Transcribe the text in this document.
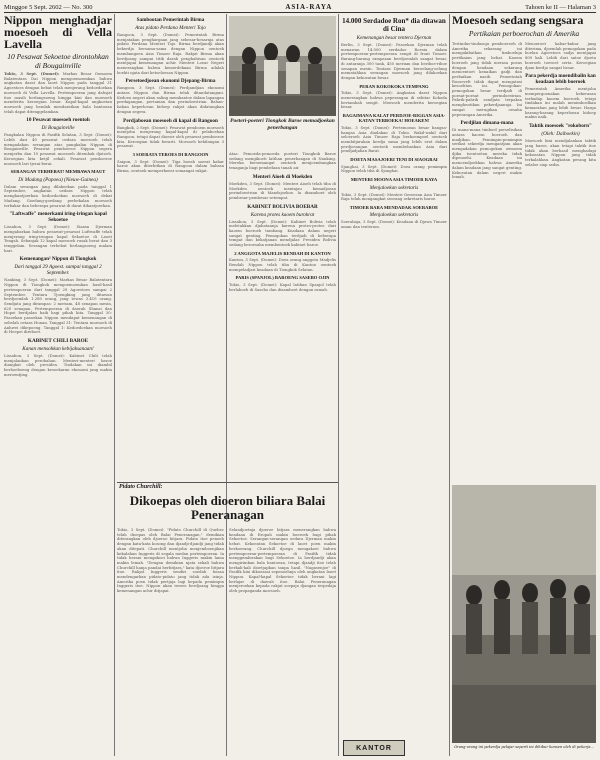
Minggoe 5 Sept. 2602 — No. 300	ASIA-RAYA	Tahoen ke II — Halaman 3

Nippon menghadjar moesoeh di Vella Lavella

10 Pesawat Sekoetoe dirontohkan di Bougainville

Tokio, 3 Sept. (Domei): Markas Besar Oemoem Balatentara Dai Nippon mengoemoemkan bahwa angkatan darat dan laoet Nippon pada tanggal 31 Agoestoes dengan hebat telah menjerang kedoedoekan moesoeh di Vella Lavella. Pertempoeran jang dahsjat itoe masih berlangsoeng hingga kini dan moesoeh menderita keroegian besar. Kapal-kapal angkoetan moesoeh jang hendak mendaratkan bala bantoean telah dapat ditenggelamkan.
10 Pesawat moesoeh roentoh
Di Bougainville
Pangkalan Nippon di Pasifik Selatan, 3 Sept. (Domei): Lebih dari 40 pesawat oedara moesoeh telah mengadakan serangan atas pangkalan Nippon di Bougainville. Pesawat pemboeroe Nippon segera menjerbu dan 10 pesawat moesoeh ditembak djatoeh. Keroegian kita ketjil sekali. Pesawat pemboeroe moesoeh lari tjerai-berai.
SERANGAN TERHEBAT! MEMBAWA MAUT
Di Madang (Papoea) (Nieuw-Guinea)
Dalam serangan jang dilakoekan pada tanggal 1 September, angkatan oedara Nippon telah menghantjoerkan kedoedoekan moesoeh di dekat Madang. Goedang-goedang perbekalan moesoeh terbakar dan beberapa pesawat di darat dihantjoerkan.
"Laftwaffe" menerkami iring-iringan kapal Sekoetoe
Lissabon, 3 Sept. (Domei): Siaran Djerman mengabarkan bahwa pesawat-pesawat Luftwaffe telah menjerang iring-iringan kapal Sekoetoe di Laoet Tengah. Sebanjak 12 kapal moesoeh rusak berat dan 3 tenggelam. Serangan terhebat berlangsoeng malam hari.
Kemenangan² Nippon di Tiongkok
Dari tanggal 29 Agoest. sampai tanggal 2 September.
Nanking, 3 Sept. (Domei): Markas Besar Balatentara Nippon di Tiongkok mengoemoemkan hasil-hasil pertempoeran dari tanggal 29 Agoestoes sampai 2 September. Tentara Tjoengking jang ditawan berdjoemlah 1.280 orang, jang tewas 3.410 orang. Sendjata jang dirampas: 2 meriam, 48 senapan mesin, 620 senapan. Pertempoeran di daerah Shansi dan Hopei berdjalan baik bagi pihak kita. Tanggal 30: Pasoekan pasoekan Nippon mendapat kemenangan di sebelah oetara Honan. Tanggal 31: Tentara moesoeh di Anhwei dikepoeng. Tanggal 1: Kedoedoekan moesoeh di Hoepei direboet.
KABINET CHILI BAROE
Kanan mensohkan kebijaksanaan!
Lissabon, 3 Sept. (Domei): Kabinet Chili telah menjalankan perobahan. Menteri-menteri baroe diangkat oleh presiden. Tindakan ini diambil berhoeboeng dengan kesoekaran ekonomi jang makin meroentjing.
Sambootan Pemerintah Birma
Atas pidato Perdana Menteri Tojo
Rangoon, 3 Sept. (Domei): Pemerintah Birma menjatakan penghargaan jang sebesar-besarnja atas pidato Perdana Menteri Tojo. Birma berdjandji akan bekerdja bersama-sama dengan Nippon oentoek membangoen Asia Timoer Raja. Rakjat Birma akan berdjoang sampai titik darah penghabisan oentoek mentjapai kemenangan achir. Menteri Loear Negeri menerangkan bahwa kemerdekaan Birma adalah boekti njata dari ketoeloesan Nippon.
Persetoedjoean ekonomi Djepang-Birma
Rangoon, 3 Sept. (Domei): Perdjandjian ekonomi antara Nippon dan Birma telah ditandatangani. Kedoea negeri akan saling membantoe dalam lapangan perdagangan, pertanian dan perindoestrian. Bahan-bahan keperloean hidoep rakjat akan didatangkan dengan segera.
Perdjaboean moesoeh di kapal di Rangoon
Bangkok, 2 Sept. (Domei): Pesawat pemboem moesoeh mentjoba menjerang kapal-kapal di pelaboehan Rangoon, tetapi dapat dioesir oleh pesawat pemboeroe kita. Keroegian tidak berarti. Moesoeh kehilangan 3 pesawat.
3 SOERATA TEROES DI RANGOON
Saigon, 3 Sept. (Domei): Tiga boeah soerat kabar baroe akan diterbitkan di Rangoon dalam bahasa Birma, oentoek memperkoeat semangat rakjat.
Poeteri-poeteri Tiongkok Baroe memadjoekan penerbangan
Atas: Pemoeda-pemoeda poeteri Tiongkok Baroe sedang mengikoeti latihan penerbangan di Nanking. Mereka bersemangat oentoek menjoembangkan tenaganja bagi pembelaan tanah air.
Menteri Aioeh di Moekden
Moekden, 3 Sept. (Domei): Menteri Aioeh telah tiba di Moekden oentoek meninjau kemadjoean perindoestrian di Mandsjoekoe. Ia disamboet oleh pembesar-pembesar setempat.
KABINET BOLIVIA BOEBAR
Karena protes kaoem burokrat
Lissabon, 3 Sept. (Domei): Kabinet Bolivia telah meletakkan djabatannja karena protes-protes dari kaoem boeroeh tambang. Keadaan dalam negeri sangat genting. Pemogokan terdjadi di beberapa tempat dan kekatjauan mendjalar. Presiden Bolivia sedang beroesaha membentoek kabinet baroe.
2 ANGGOTA MAJELIS RENDAH DI KANTON
Kanton, 3 Sept. (Domei): Doea orang anggota Madjelis Rendah Nippon telah tiba di Kanton oentoek mempeladjari keadaan di Tiongkok Selatan.
PARIS (SPANJOL) BAROENG SASEBO OJIN
Tokio, 3 Sept. (Domei): Kapal latihan Spanjol telah berlaboeh di Sasebo dan disamboet dengan ramah.
14.000 Serdadoe Ron* dia ditawan di Cina
Kemenangan besar tentera Djernan
Berlin, 3 Sept. (Domei): Pasoekan Djerman telah menawan 14.000 serdadoe Roesia dalam pertempoeran-pertempoeran sengit di front Timoer. Barang-barang rampasan berdjoemlah sangat besar, di antaranja 300 tank, 450 meriam dan beriboe-riboe senapan mesin. Tentara Djerman beroelang-oelang mematahkan serangan moesoeh jang dilakoekan dengan kekoeatan besar.
PERAN KOKOKOKA TEMPANG
Tokio, 3 Sept. (Domei): Angkatan darat Nippon menerangkan bahwa peperangan di sekitar Kokoda bertambah sengit. Moesoeh menderita keroegian besar.
BAGAIMANA KALAT PERDJOE-RIGGAN ASIA-KATAN TERBOEKA! HOEAKEN!
Tokio, 3 Sept. (Domei): Pertemoean besar bangsa-bangsa Asia diadakan di Tokio. Wakil-wakil dari seloeroeh Asia Timoer Raja berkoempoel oentoek membitjarakan kerdja sama jang lebih erat dalam perdjoeangan oentoek membebaskan Asia dari pendjadjahan Barat.
DOETA MASAJOERI TENI DI SIAOGRAI
Sjanghai, 3 Sept. (Domei): Doea orang pemimpin Nippon telah tiba di Sjanghai.
MENTERI MOONA ASIA TIMOER RAYA
Menjaloekan sekretaris
Tokio, 3 Sept. (Domei): Menteri Oeroesan Asia Timoer Raja telah mengangkat seorang sekretaris baroe.
TIMOER BARA MENDADAK SOERABOE
Menjaloekan sekretaris
Soerabaja, 3 Sept. (Domei): Keadaan di Djawa Timoer aman dan tenteram.
Pidato Churchill:
Dikoepas oleh dioeron biliara Balai Peneranagan
Tokio, 3 Sept. (Domei): "Pidato Churchill di Quebec telah dioepas oleh Balai Peneranagan," demikian diterangkan oleh djoeroe bitjara. Pidato itoe penoeh dengan kata-kata kosong dan djandji-djandji jang tidak akan ditepati. Churchill mentjoba menjemboenjikan kekalahan Inggeris di segala medan pertempoeran. Ia tidak berani mengakoei bahwa Inggeris makin lama makin lemah. "Dengan demikian njata sekali bahwa Churchill hanja pandai berbitjara," kata djoeroe bitjara itoe. Rakjat Inggeris sendiri soedah bosan mendengarkan pidato-pidato jang tidak ada isinja. Amerika poen tidak pertjaja lagi kepada pemimpin Inggeris itoe. Nippon akan teroes berdjoang hingga kemenangan achir ditjapai.
Selandjoetnja djoeroe bitjara menerangkan bahwa keadaan di Eropah makin boeroek bagi pihak Sekoetoe. Serangan-serangan oedara Djerman makin hebat. Kekoeatan Sekoetoe di laoet poen makin berkoerang. Churchill djoega mengakoei bahwa pertempoeran-pertempoeran di Pasifik tidak menggembirakan bagi Sekoetoe. Ia berdjandji akan mengirimkan bala bantoean, tetapi djandji itoe telah berkali-kali dioetjapkan tanpa hasil. "Nagasenjoe" di Pasifik kini dikoeasai sepenoehnja oleh angkatan laoet Nippon. Kapal-kapal Sekoetoe tidak berani lagi berlajar di daerah itoe. Balai Peneranagan menjeroekan kepada rakjat soepaja djangan terpedaja oleh propaganda moesoeh.
KANTOR
Moesoeh sedang sengsara
Pertikaian perboerochan di Amerika
Tertindas-tindasnja pemboeroeh di Amerika sekarang ini mengakibatkan timboelnja pertikaian jang hebat. Kaoem boeroeh jang tidak merasa poeas dengan keadaan sekarang menoentoet kenaikan gadji dan perbaikan nasib. Pemerintah Roosevelt tidak dapat mengatasi kesoelitan ini. Pemogokan-pemogokan besar terdjadi di poesat-poesat perindoestrian. Pabrik-pabrik sendjata terpaksa menghentikan pekerdjaannja. Ini sangat merugikan oesaha peperangan Amerika.
Perdjilan dimana-mana
Di mana-mana timboel perselisihan antara kaoem boeroeh dan madjikan. Pemimpin-pemimpin serikat sekerdja mengantjam akan mengadakan pemogokan oemoem djika toentoetan mereka tidak dipenoehi. Keadaan ini menoendjoekkan bahwa Amerika dalam keadaan jang sangat genting. Kekoeatan dalam negeri makin lemah.
Menoeroet kabar-kabar jang diterima, djoemlah pemogokan pada boelan Agoestoes sadja mentjapai 800 kali. Lebih dari satoe djoeta boeroeh toeroet serta. Keroegian djam kerdja sangat besar.
Para pekerdja moendibalin kan keadaan lebih boeroek
Pemerintah Amerika mentjoba mempergoenakan kekerasan terhadap kaoem boeroeh, tetapi tindakan ini malah menimboelkan kemarahan jang lebih besar. Harga barang-barang keperloean hidoep makin naik.
Taktik moesoek "rokoborn"
(Oleh: Daiboekin)
Moesoeh kini mendjalankan taktik jang baroe, akan tetapi taktik itoe tidak akan berhasil menghadapi kekoeatan Nippon jang tidak terkalahkan. Angkatan perang kita selaloe siap sedia.
Orang-orang ini pekerdja pelajar seperti ini dihibur konsen oleh di pekerja...
